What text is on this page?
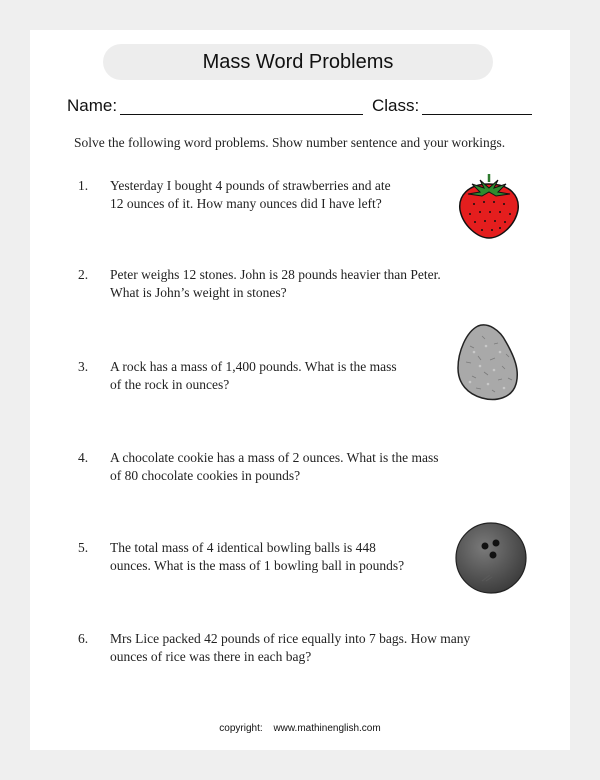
Mass Word Problems
Name:	Class:
Solve the following word problems. Show number sentence and your workings.
1.	Yesterday I bought 4 pounds of strawberries and ate
12 ounces of it. How many ounces did I have left?
2.	Peter weighs 12 stones. John is 28 pounds heavier than Peter.
What is John’s weight in stones?
3.	A rock has a mass of 1,400 pounds. What is the mass
of the rock in ounces?
4.	A chocolate cookie has a mass of 2 ounces. What is the mass
of 80 chocolate cookies in pounds?
5.	The total mass of 4 identical bowling balls is 448
ounces. What is the mass of 1 bowling ball in pounds?
6.	Mrs Lice packed 42 pounds of rice equally into 7 bags. How many
ounces of rice was there in each bag?
copyright: www.mathinenglish.com
